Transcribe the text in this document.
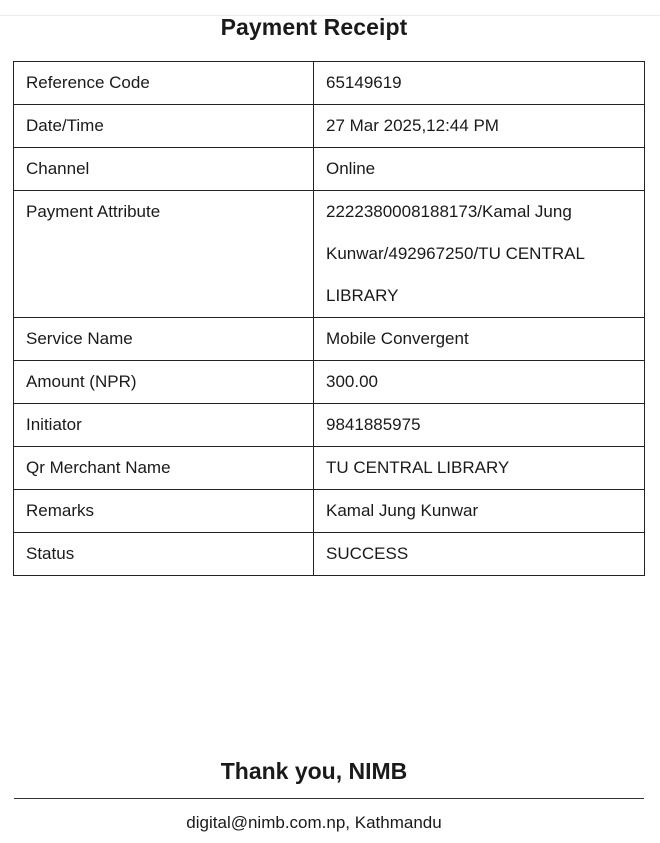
Payment Receipt
Reference Code	65149619
Date/Time	27 Mar 2025,12:44 PM
Channel	Online
Payment Attribute	2222380008188173/Kamal Jung Kunwar/492967250/TU CENTRAL LIBRARY
Service Name	Mobile Convergent
Amount (NPR)	300.00
Initiator	9841885975
Qr Merchant Name	TU CENTRAL LIBRARY
Remarks	Kamal Jung Kunwar
Status	SUCCESS
Thank you, NIMB
digital@nimb.com.np, Kathmandu
